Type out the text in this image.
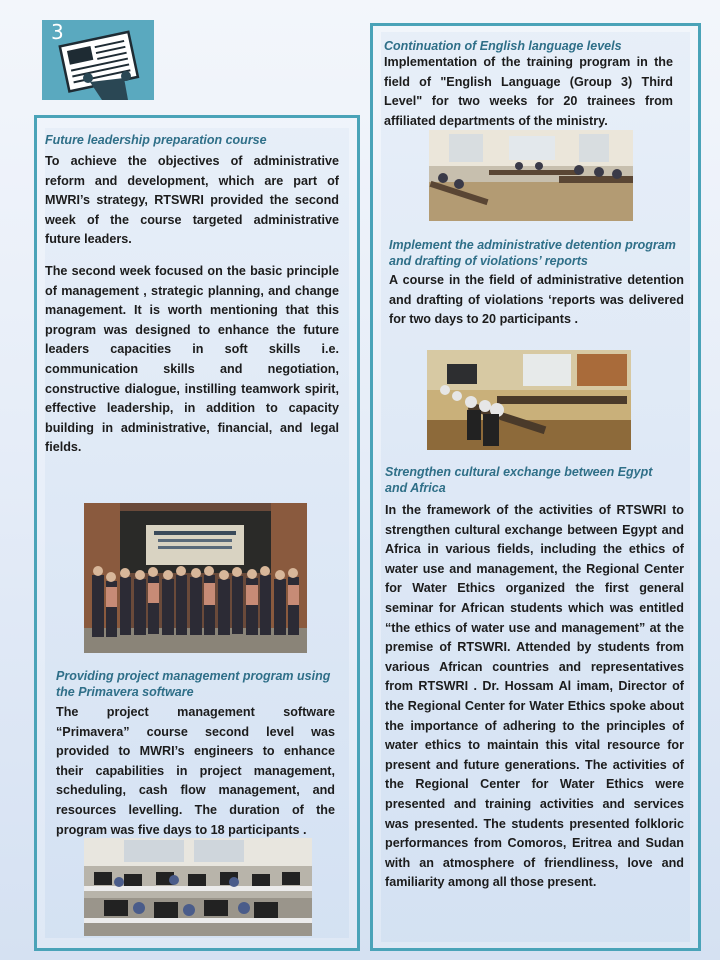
3
Future leadership preparation course

To achieve the objectives of administrative reform and development, which are part of MWRI’s strategy, RTSWRI provided the second week of the course targeted administrative future leaders.

The second week focused on the basic principle of management , strategic planning, and change management. It is worth mentioning that this program was designed to enhance the future leaders capacities in soft skills i.e. communication skills and negotiation, constructive dialogue, instilling teamwork spirit, effective leadership, in addition to capacity building in administrative, financial, and legal fields.

Providing project management program using the Primavera software

The project management software “Primavera” course second level was provided to MWRI’s engineers to enhance their capabilities in project management, scheduling, cash flow management, and resources levelling. The duration of the program was five days to 18 participants .

Continuation of English language levels

Implementation of the training program in the field of "English Language (Group 3) Third Level" for two weeks for 20 trainees from affiliated departments of the ministry.

Implement the administrative detention program and drafting of violations’ reports

A course in the field of administrative detention and drafting of violations ‘reports was delivered for two days to 20 participants .

Strengthen cultural exchange between Egypt and Africa

In the framework of the activities of RTSWRI to strengthen cultural exchange between Egypt and Africa in various fields, including the ethics of water use and management, the Regional Center for Water Ethics organized the first general seminar for African students which was entitled “the ethics of water use and management” at the premise of RTSWRI. Attended by students from various African countries and representatives from RTSWRI . Dr. Hossam Al imam, Director of the Regional Center for Water Ethics spoke about the importance of adhering to the principles of water ethics to maintain this vital resource for present and future generations. The activities of the Regional Center for Water Ethics were presented and training activities and services was presented. The students presented folkloric performances from Comoros, Eritrea and Sudan with an atmosphere of friendliness, love and familiarity among all those present.
